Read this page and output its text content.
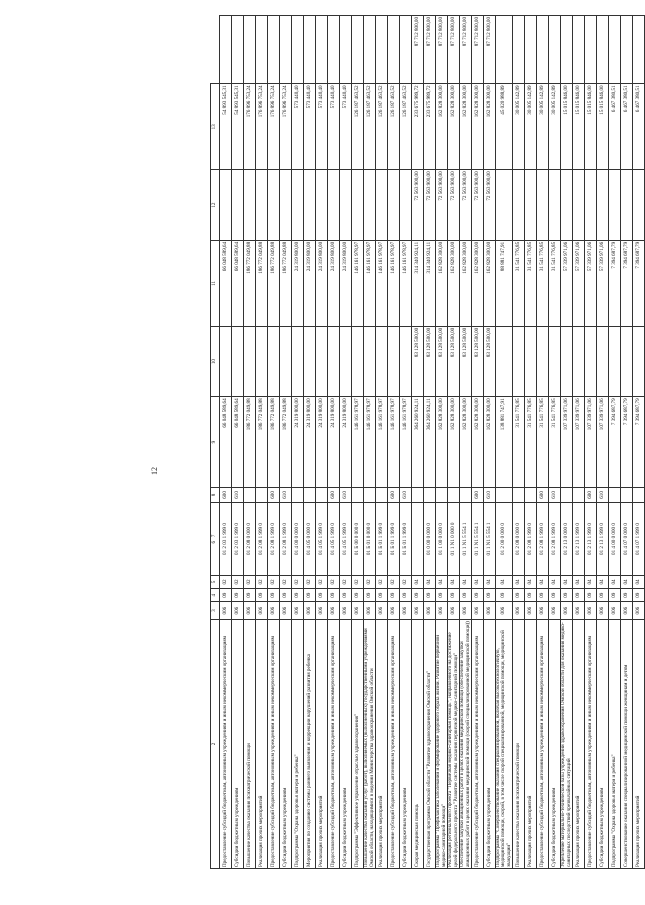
12
2	3	4	5	6   7	8	9	10	11	12	13	
Предоставление субсидий бюджетным, автономным учреждениям и иным некоммерческим организациям	006	09	02	01 2 03 1 999 0	600	66 048 589,64		66 048 589,64		54 893 545,31	
Субсидии бюджетным учреждениям	006	09	02	01 2 03 1 999 0	610	66 048 589,64		66 048 589,64		54 893 545,31	
Повышение качества оказания психиатрической помощи	006	09	02	01 2 08 0 000 0		186 772 049,88		186 772 049,88		176 896 753,24	
Реализация прочих мероприятий	006	09	02	01 2 08 1 999 0		186 772 049,88		186 772 049,88		176 896 753,24	
Предоставление субсидий бюджетным, автономным учреждениям и иным некоммерческим организациям	006	09	02	01 2 08 1 999 0	600	186 772 049,88		186 772 049,88		176 896 753,24	
Субсидии бюджетным учреждениям	006	09	02	01 2 08 1 999 0	610	186 772 049,88		186 772 049,88		176 896 753,24	
Подпрограмма "Охрана здоровья матери и ребенка"	006	09	02	01 4 00 0 000 0		24 319 800,00		24 319 800,00		573 440,40	
Мероприятия по созданию системы раннего выявления и коррекции нарушений развития ребенка	006	09	02	01 4 05 0 000 0		24 319 800,00		24 319 800,00		573 440,40	
Реализация прочих мероприятий	006	09	02	01 4 05 1 999 0		24 319 800,00		24 319 800,00		573 440,40	
Предоставление субсидий бюджетным, автономным учреждениям и иным некоммерческим организациям	006	09	02	01 4 05 1 999 0	600	24 319 800,00		24 319 800,00		573 440,40	
Субсидии бюджетным учреждениям	006	09	02	01 4 05 1 999 0	610	24 319 800,00		24 319 800,00		573 440,40	
Подпрограмма "Эффективное управление отраслью здравоохранения"	006	09	02	01 Б 00 0 000 0		146 161 978,97		146 161 978,97		126 187 463,52	
Повышение качества оказания услуг (работ), выполняемых (выполненных) государственными учреждениями Омской области, находящимися в ведении Министерства здравоохранения Омской области	006	09	02	01 Б 01 0 000 0		146 161 978,97		146 161 978,97		126 187 463,52	
Реализация прочих мероприятий	006	09	02	01 Б 01 1 999 0		146 161 978,97		146 161 978,97		126 187 463,52	
Предоставление субсидий бюджетным, автономным учреждениям и иным некоммерческим организациям	006	09	02	01 Б 01 1 999 0	600	146 161 978,97		146 161 978,97		126 187 463,52	
Субсидии бюджетным учреждениям	006	09	02	01 Б 01 1 999 0	610	146 161 978,97		146 161 978,97		126 187 463,52	
Скорая медицинская помощь	006	09	04			364 260 924,11	83 128 500,00	314 340 924,11	72 563 900,00	233 675 989,72	87 712 800,00
Государственная программа Омской области "Развитие здравоохранения Омской области"	006	09	04	01 0 00 0 000 0		364 260 924,11	83 128 500,00	314 340 924,11	72 563 900,00	233 675 989,72	87 712 800,00
Подпрограмма "Профилактика заболеваний и формирование здорового образа жизни. Развитие первичной медико-санитарной помощи"	006	09	04	01 1 00 0 000 0		162 828 300,00	83 128 500,00	162 828 300,00	72 563 900,00	162 828 300,00	87 712 800,00
Реализация регионального проекта "Первичная медико-санитарная помощь", направленного на достижение целей федерального проекта "Развитие системы оказания первичной медико-санитарной помощи"	006	09	04	01 1 N1 0 000 0		162 828 300,00	83 128 500,00	162 828 300,00	72 563 900,00	162 828 300,00	87 712 800,00
Обеспечение закупки авиационных работ в целях оказания медицинской помощи (обеспечение закупки авиационных работ в целях оказания медицинской помощи (скорой специализированной медицинской помощи))	006	09	04	01 1 N1 5 554 1		162 828 300,00	83 128 500,00	162 828 300,00	72 563 900,00	162 828 300,00	87 712 800,00
Предоставление субсидий бюджетным, автономным учреждениям и иным некоммерческим организациям	006	09	04	01 1 N1 5 554 1	600	162 828 300,00	83 128 500,00	162 828 300,00	72 563 900,00	162 828 300,00	87 712 800,00
Субсидии бюджетным учреждениям	006	09	04	01 1 N1 5 554 1	610	162 828 300,00	83 128 500,00	162 828 300,00	72 563 900,00	162 828 300,00	87 712 800,00
Подпрограмма "Совершенствование оказания специализированной, включая высокотехнологичную, медицинской помощи, скорой, в том числе скорой специализированной, медицинской помощи, медицинской эвакуации"	006	09	04	01 2 00 0 000 0		138 881 747,91		88 881 747,91		45 020 988,89	
Повышение качества оказания психиатрической помощи	006	09	04	01 2 08 0 000 0		31 541 776,85		31 541 776,85		30 005 142,89	
Реализация прочих мероприятий	006	09	04	01 2 08 1 999 0		31 541 776,85		31 541 776,85		30 005 142,89	
Предоставление субсидий бюджетным, автономным учреждениям и иным некоммерческим организациям	006	09	04	01 2 08 1 999 0	600	31 541 776,85		31 541 776,85		30 005 142,89	
Субсидии бюджетным учреждениям	006	09	04	01 2 08 1 999 0	610	31 541 776,85		31 541 776,85		30 005 142,89	
Укрепление материально-технической базы учреждений здравоохранения Омской области для оказания медико-санитарных последствий чрезвычайных ситуаций	006	09	04	01 2 13 0 000 0		107 339 971,06		57 339 971,06		15 015 846,00	
Реализация прочих мероприятий	006	09	04	01 2 13 1 999 0		107 339 971,06		57 339 971,06		15 015 846,00	
Предоставление субсидий бюджетным, автономным учреждениям и иным некоммерческим организациям	006	09	04	01 2 13 1 999 0	600	107 339 971,06		57 339 971,06		15 015 846,00	
Субсидии бюджетным учреждениям	006	09	04	01 2 13 1 999 0	610	107 339 971,06		57 339 971,06		15 015 846,00	
Подпрограмма "Охрана здоровья матери и ребенка"	006	09	04	01 4 00 0 000 0		7 394 687,79		7 394 687,79		6 467 380,51	
Совершенствование оказания специализированной медицинской помощи женщинам и детям	006	09	04	01 4 07 0 000 0		7 394 687,79		7 394 687,79		6 467 380,51	
Реализация прочих мероприятий	006	09	04	01 4 07 1 999 0		7 394 687,79		7 394 687,79		6 467 380,51	
